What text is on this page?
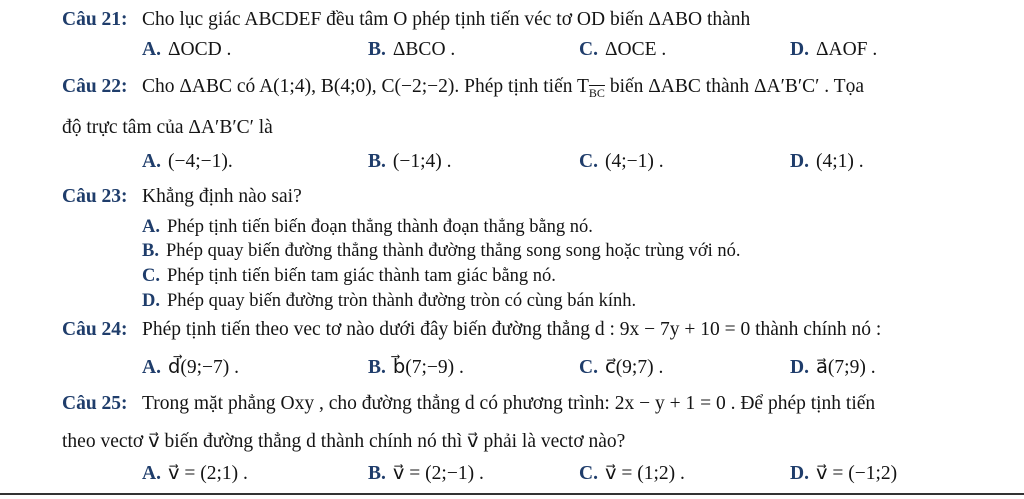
Câu 21: Cho lục giác ABCDEF đều tâm O phép tịnh tiến véc tơ OD biến ΔABO thành
A. ΔOCD .	B. ΔBCO .	C. ΔOCE .	D. ΔAOF .
Câu 22: Cho ΔABC có A(1;4), B(4;0), C(−2;−2). Phép tịnh tiến $T_{\overline{BC}}$ biến ΔABC thành ΔA′B′C′ . Tọa
độ trực tâm của ΔA′B′C′ là
A. (−4;−1).	B. (−1;4) .	C. (4;−1) .	D. (4;1) .
Câu 23: Khẳng định nào sai?
A. Phép tịnh tiến biến đoạn thẳng thành đoạn thẳng bằng nó.
B. Phép quay biến đường thẳng thành đường thẳng song song hoặc trùng với nó.
C. Phép tịnh tiến biến tam giác thành tam giác bằng nó.
D. Phép quay biến đường tròn thành đường tròn có cùng bán kính.
Câu 24: Phép tịnh tiến theo vec tơ nào dưới đây biến đường thẳng d : 9x − 7y + 10 = 0 thành chính nó :
A. d⃗(9;−7) .	B. b⃗(7;−9) .	C. c⃗(9;7) .	D. a⃗(7;9) .
Câu 25: Trong mặt phẳng Oxy , cho đường thẳng d có phương trình: 2x − y + 1 = 0 . Để phép tịnh tiến
theo vectơ v⃗ biến đường thẳng d thành chính nó thì v⃗ phải là vectơ nào?
A. v⃗ = (2;1) .	B. v⃗ = (2;−1) .	C. v⃗ = (1;2) .	D. v⃗ = (−1;2)
